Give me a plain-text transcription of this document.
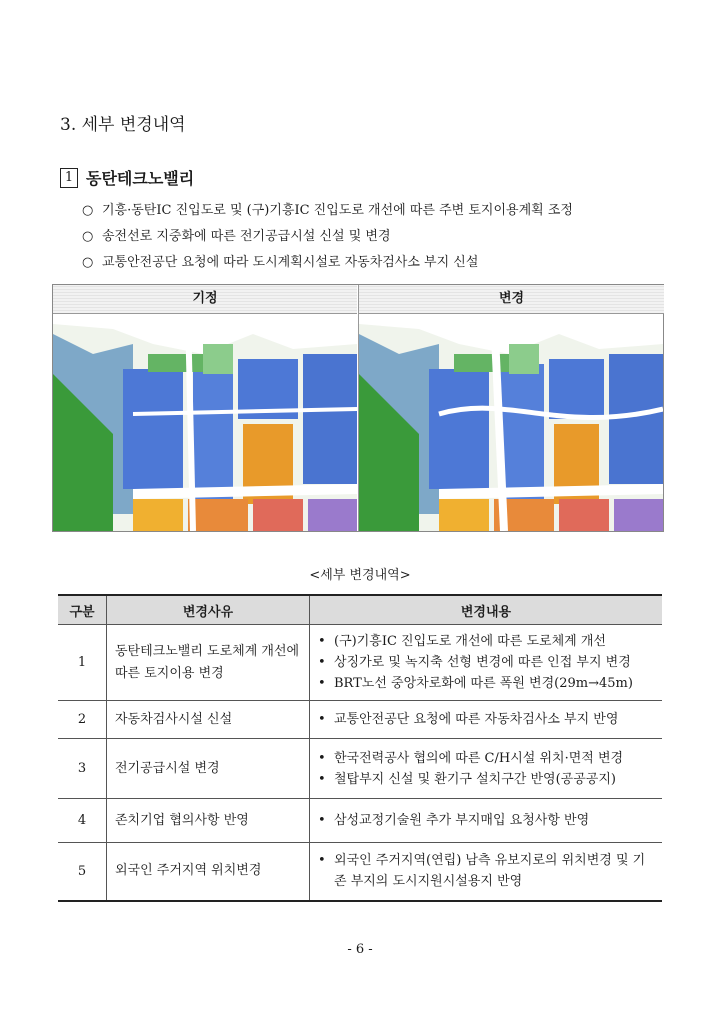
3. 세부 변경내역
1 동탄테크노밸리
○ 기흥·동탄IC 진입도로 및 (구)기흥IC 진입도로 개선에 따른 주변 토지이용계획 조정
○ 송전선로 지중화에 따른 전기공급시설 신설 및 변경
○ 교통안전공단 요청에 따라 도시계획시설로 자동차검사소 부지 신설
기정	변경
<세부 변경내역>
구분	변경사유	변경내용
1	동탄테크노밸리 도로체계 개선에 따른 토지이용 변경	• (구)기흥IC 진입도로 개선에 따른 도로체계 개선
• 상징가로 및 녹지축 선형 변경에 따른 인접 부지 변경
• BRT노선 중앙차로화에 따른 폭원 변경(29m→45m)

2	자동차검사시설 신설	• 교통안전공단 요청에 따른 자동차검사소 부지 반영

3	전기공급시설 변경	• 한국전력공사 협의에 따른 C/H시설 위치·면적 변경
• 철탑부지 신설 및 환기구 설치구간 반영(공공공지)

4	존치기업 협의사항 반영	• 삼성교정기술원 추가 부지매입 요청사항 반영

5	외국인 주거지역 위치변경	• 외국인 주거지역(연립) 남측 유보지로의 위치변경 및 기존 부지의 도시지원시설용지 반영
- 6 -
